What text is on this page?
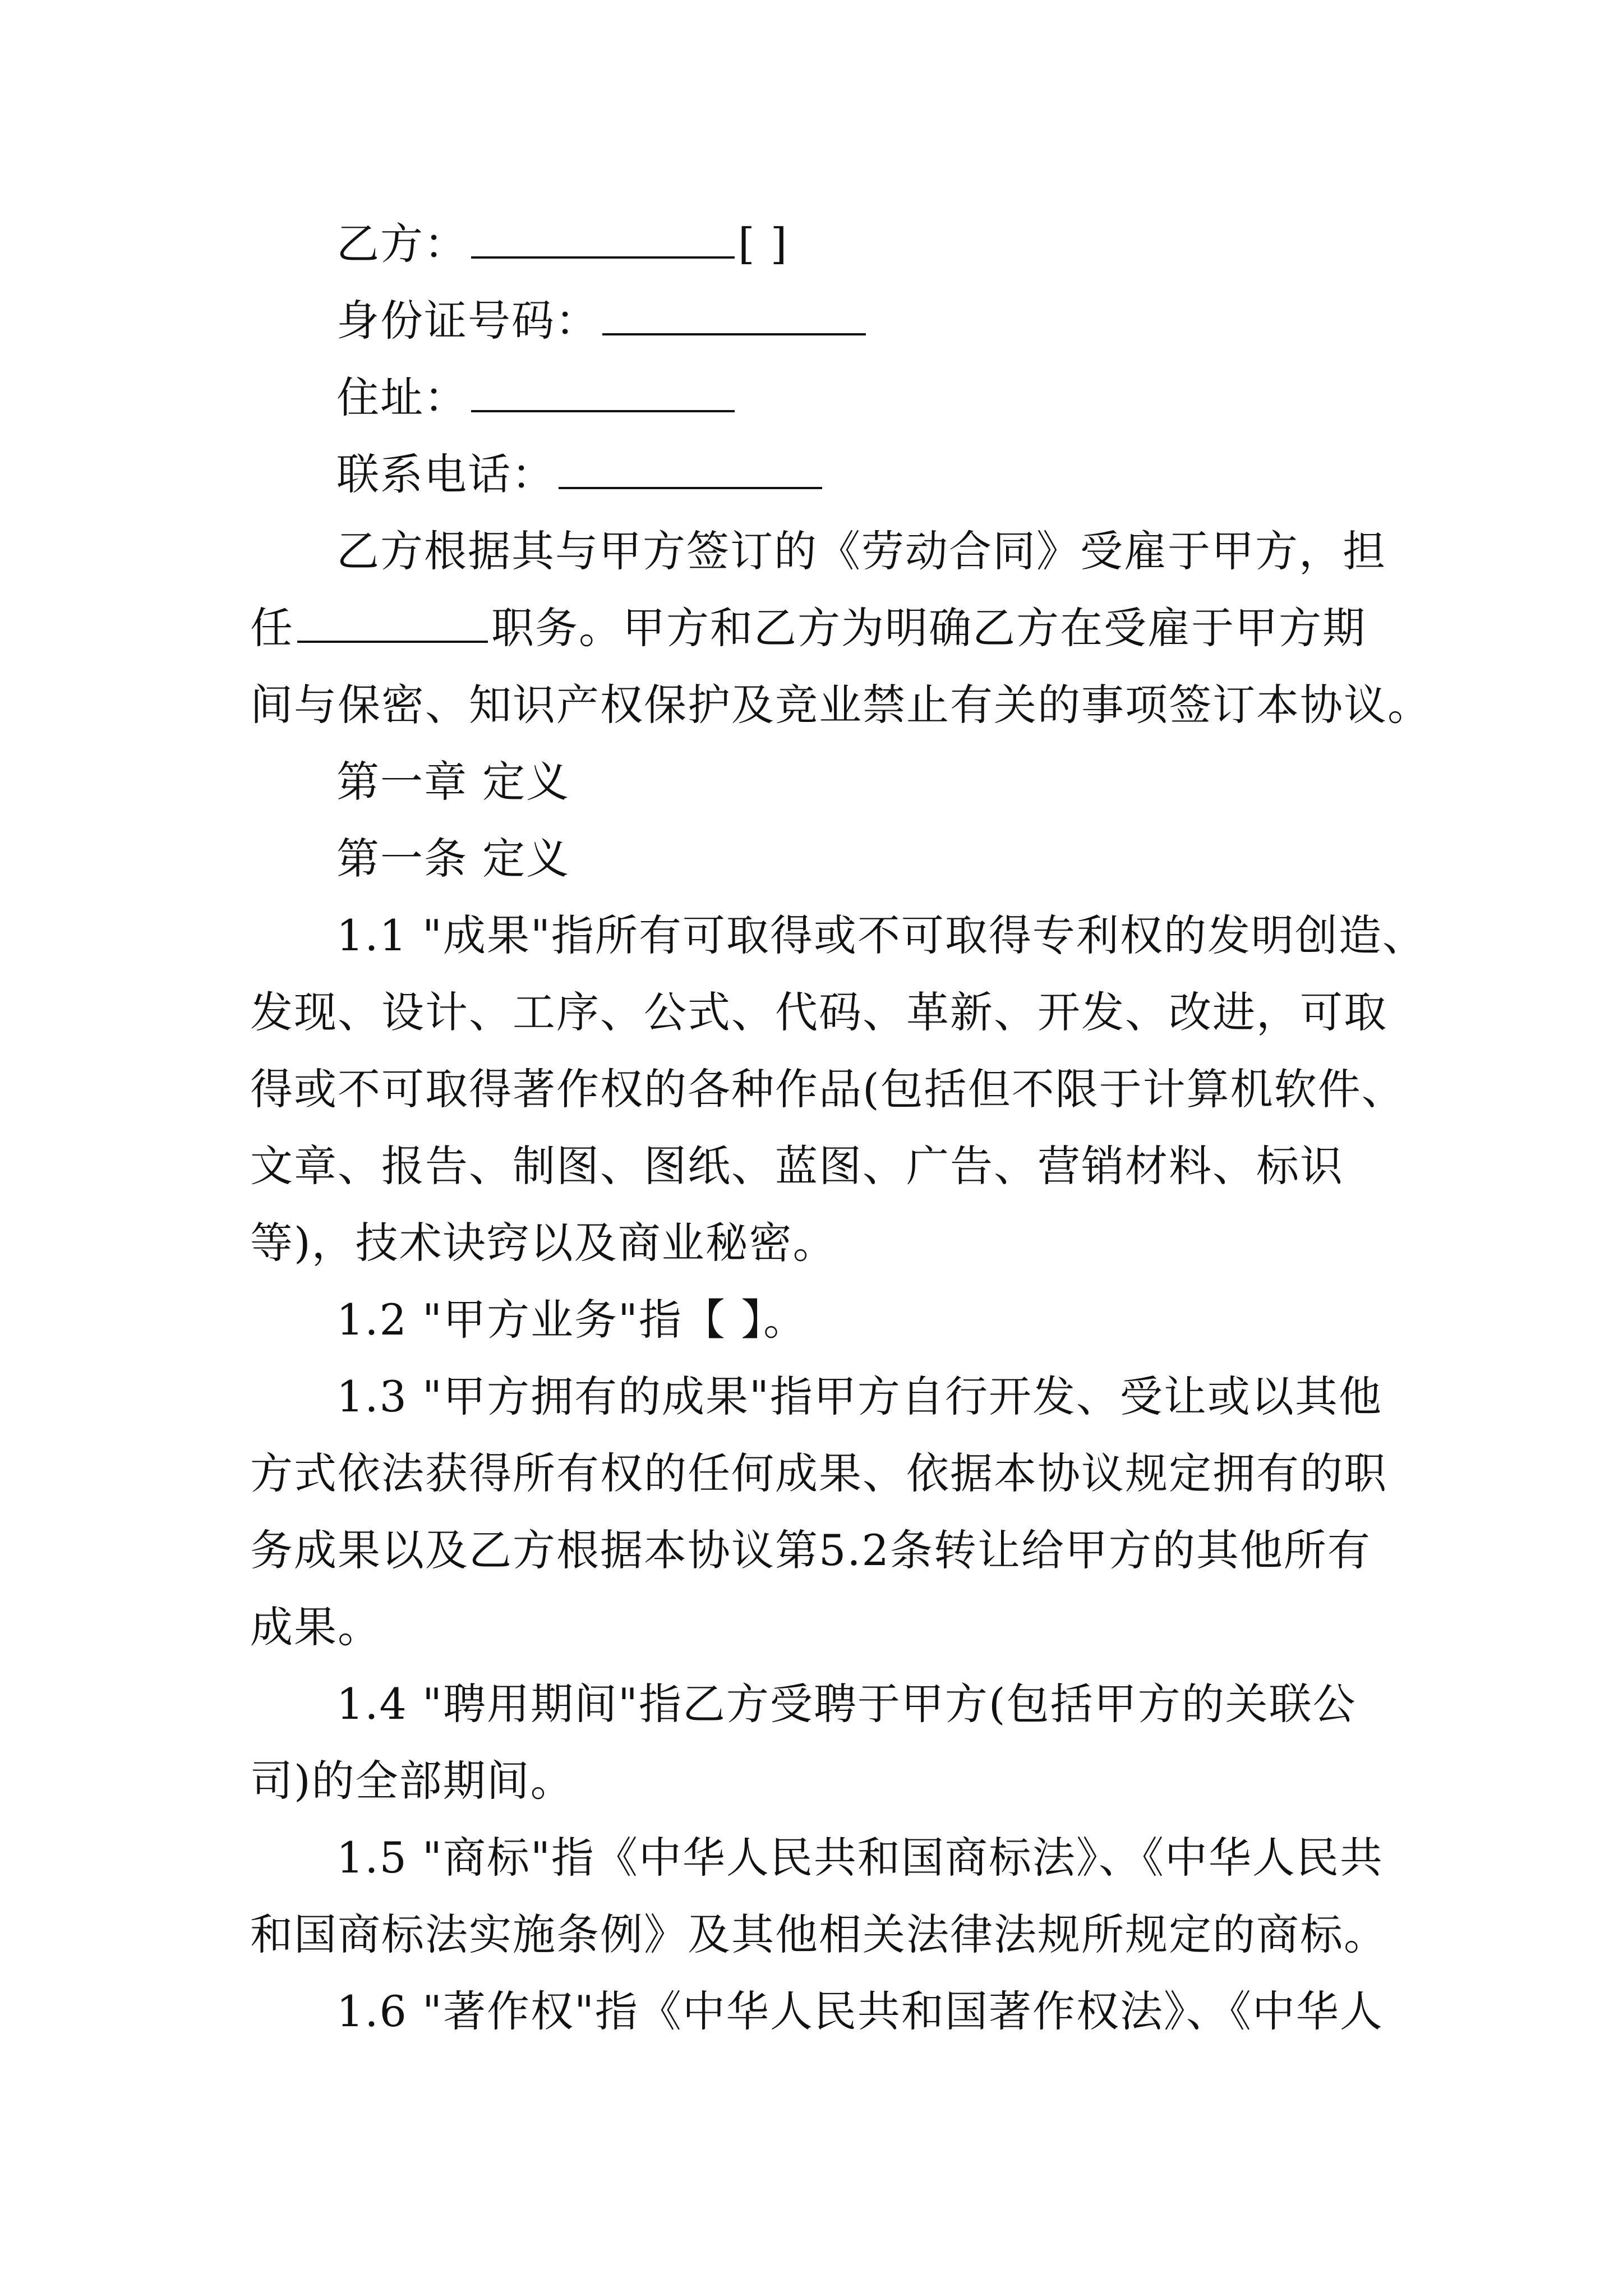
乙方：	[ ]
身份证号码：
住址：
联系电话：
乙方根据其与甲方签订的《劳动合同》受雇于甲方，担
任	职务。甲方和乙方为明确乙方在受雇于甲方期
间与保密、知识产权保护及竞业禁止有关的事项签订本协议。
第一章 定义
第一条 定义
1.1 "成果"指所有可取得或不可取得专利权的发明创造、
发现、设计、工序、公式、代码、革新、开发、改进，可取
得或不可取得著作权的各种作品(包括但不限于计算机软件、
文章、报告、制图、图纸、蓝图、广告、营销材料、标识
等)，技术诀窍以及商业秘密。
1.2 "甲方业务"指【 】。
1.3 "甲方拥有的成果"指甲方自行开发、受让或以其他
方式依法获得所有权的任何成果、依据本协议规定拥有的职
务成果以及乙方根据本协议第5.2条转让给甲方的其他所有
成果。
1.4 "聘用期间"指乙方受聘于甲方(包括甲方的关联公
司)的全部期间。
1.5 "商标"指《中华人民共和国商标法》、《中华人民共
和国商标法实施条例》及其他相关法律法规所规定的商标。
1.6 "著作权"指《中华人民共和国著作权法》、《中华人
